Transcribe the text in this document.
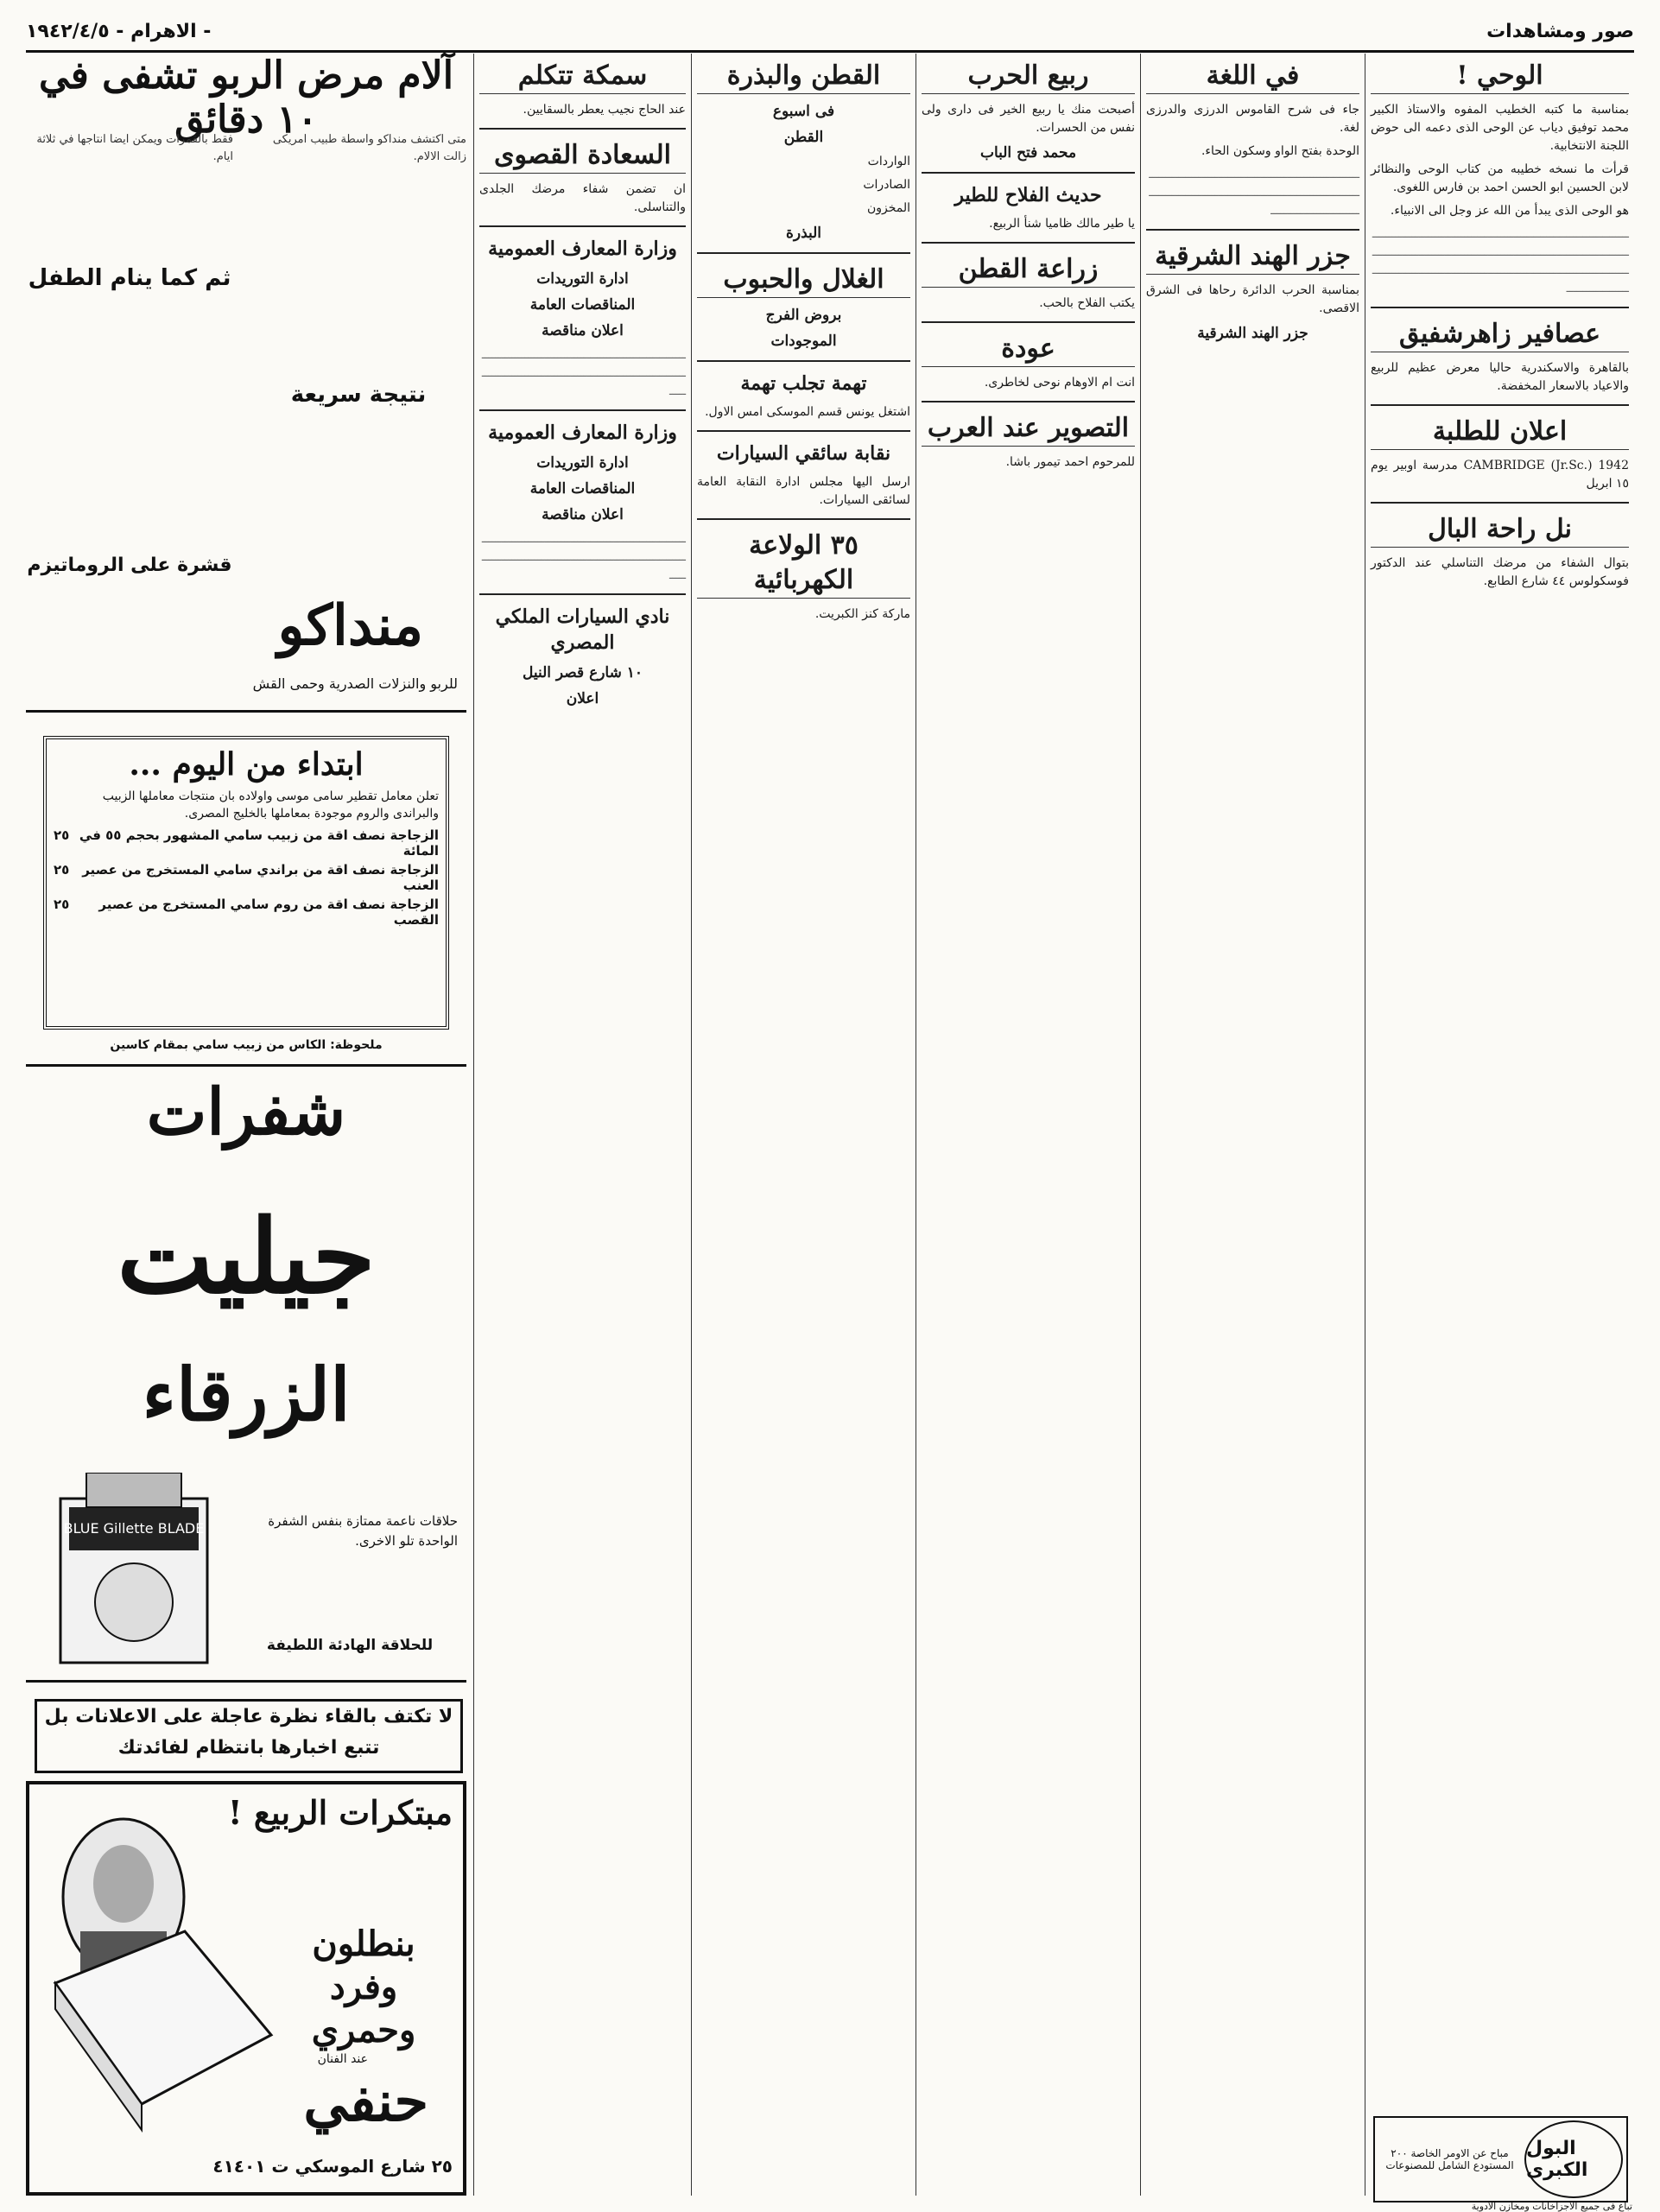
الاهرام - ١٩٤٢/٤/٥ -	صور ومشاهدات
الوحي !

بمناسبة ما كتبه الخطيب المفوه والاستاذ الكبير محمد توفيق دياب عن الوحى الذى دعمه الى حوض اللجنة الانتخابية.

قرأت ما نسخه خطيبه من كتاب الوحى والنظائر لابن الحسين ابو الحسن احمد بن فارس اللغوى.

هو الوحى الذى يبدأ من الله عز وجل الى الانبياء.

ـــــــــــــــــــــــــــــــــــــــــــــــــــــــــــــــــــــــــــــــــــــــــــــــــــــــــــــــــــــــــــــــــــــــــــــــــــــــــــــــــــــــــــــــــــــــــــــــــــــــــــــــــــــــــــــــــــــــــــــــــــــــــــــ
عصافير زاهرشفيق

بالقاهرة والاسكندرية حاليا معرض عظيم للربيع والاعياد بالاسعار المخفضة.

اعلان للطلبة

1942 CAMBRIDGE (Jr.Sc.) مدرسة اوبير يوم ١٥ ابريل

نل راحة البال

بتوال الشفاء من مرضك التناسلي عند الدكتور فوسكولوس ٤٤ شارع الطابع.

في اللغة

جاء فى شرح القاموس الدرزى والدرزى لغة.

الوحدة بفتح الواو وسكون الحاء.

ـــــــــــــــــــــــــــــــــــــــــــــــــــــــــــــــــــــــــــــــــــــــــــــــــــــــــــــــــــــــــــــــــــــــــــــــــــــــــــ
جزر الهند الشرقية

بمناسبة الحرب الدائرة رحاها فى الشرق الاقصى.

جزر الهند الشرقية
ربيع الحرب

أصبحت منك يا ربيع الخير فى دارى ولى نفس من الحسرات.

محمد فتح الباب
حديث الفلاح للطير

يا طير مالك ظاميا شنأ الربيع.

زراعة القطن

يكتب الفلاح بالحب.

عودة

انت ام الاوهام نوحى لخاطرى.

التصوير عند العرب

للمرحوم احمد تيمور باشا.

القطن والبذرة
فى اسبوع
القطن

الواردات

الصادرات

المخزون

البذرة
الغلال والحبوب
بروض الفرج
الموجودات
تهمة تجلب تهمة

اشتغل يونس قسم الموسكى امس الاول.

نقابة سائقي السيارات

ارسل اليها مجلس ادارة النقابة العامة لسائقى السيارات.

٣٥ الولاعة الكهربائية

ماركة كنز الكبريت.

سمكة تتكلم

عند الحاج نجيب يعطر بالسقايين.

السعادة القصوى

ان تضمن شفاء مرضك الجلدى والتناسلى.

وزارة المعارف العمومية
ادارة التوريدات
المناقصات العامة
اعلان مناقصة
ـــــــــــــــــــــــــــــــــــــــــــــــــــــــــــــــــــــــــــــــــــــــــــــــــــــــــــــــــــــــــــــــــ
وزارة المعارف العمومية
ادارة التوريدات
المناقصات العامة
اعلان مناقصة
ـــــــــــــــــــــــــــــــــــــــــــــــــــــــــــــــــــــــــــــــــــــــــــــــــــــــــــــــــــــــــــــــــ
نادي السيارات الملكي المصري
١٠ شارع قصر النيل
اعلان
آلام مرض الربو تشفى في ١٠ دقائق
متى اكتشف منداكو واسطة طبيب امريكى زالت الالام.
فقط بالقمرات ويمكن ايضا انتاجها في ثلاثة ايام.
ثم كما ينام الطفل
نتيجة سريعة
قشرة على الروماتيزم
منداكو
للربو والنزلات الصدرية وحمى القش
ابتداء من اليوم ...

تعلن معامل تقطير سامى موسى واولاده بان منتجات معاملها الزبيب والبراندى والروم موجودة بمعاملها بالخليج المصرى.

الزجاجة نصف اقة من زبيب سامي المشهور بحجم ٥٥ في المائة
٢٥
الزجاجة نصف اقة من براندي سامي المستخرج من عصير العنب
٢٥
الزجاجة نصف اقة من روم سامي المستخرج من عصير القصب
٢٥
ملحوظة: الكاس من زبيب سامي بمقام كاسين
شفرات
جيليت
الزرقاء
حلاقات ناعمة ممتازة بنفس الشفرة الواحدة تلو الاخرى.
للحلاقة الهادئة اللطيفة
BLUE Gillette BLADE
لا تكتف بالقاء نظرة عاجلة على الاعلانات بل تتبع اخبارها بانتظام لفائدتك
مبتكرات الربيع !
بنطلون وفرد وحمري
عند الفنان
حنفي
٢٥ شارع الموسكي ت ٤١٤٠١
مباح عن الاومر الخاصة ٢٠٠ المستودع الشامل للمصنوعات
البول الكبرى
تباع فى جميع الاجزاخانات ومخازن الادوية
